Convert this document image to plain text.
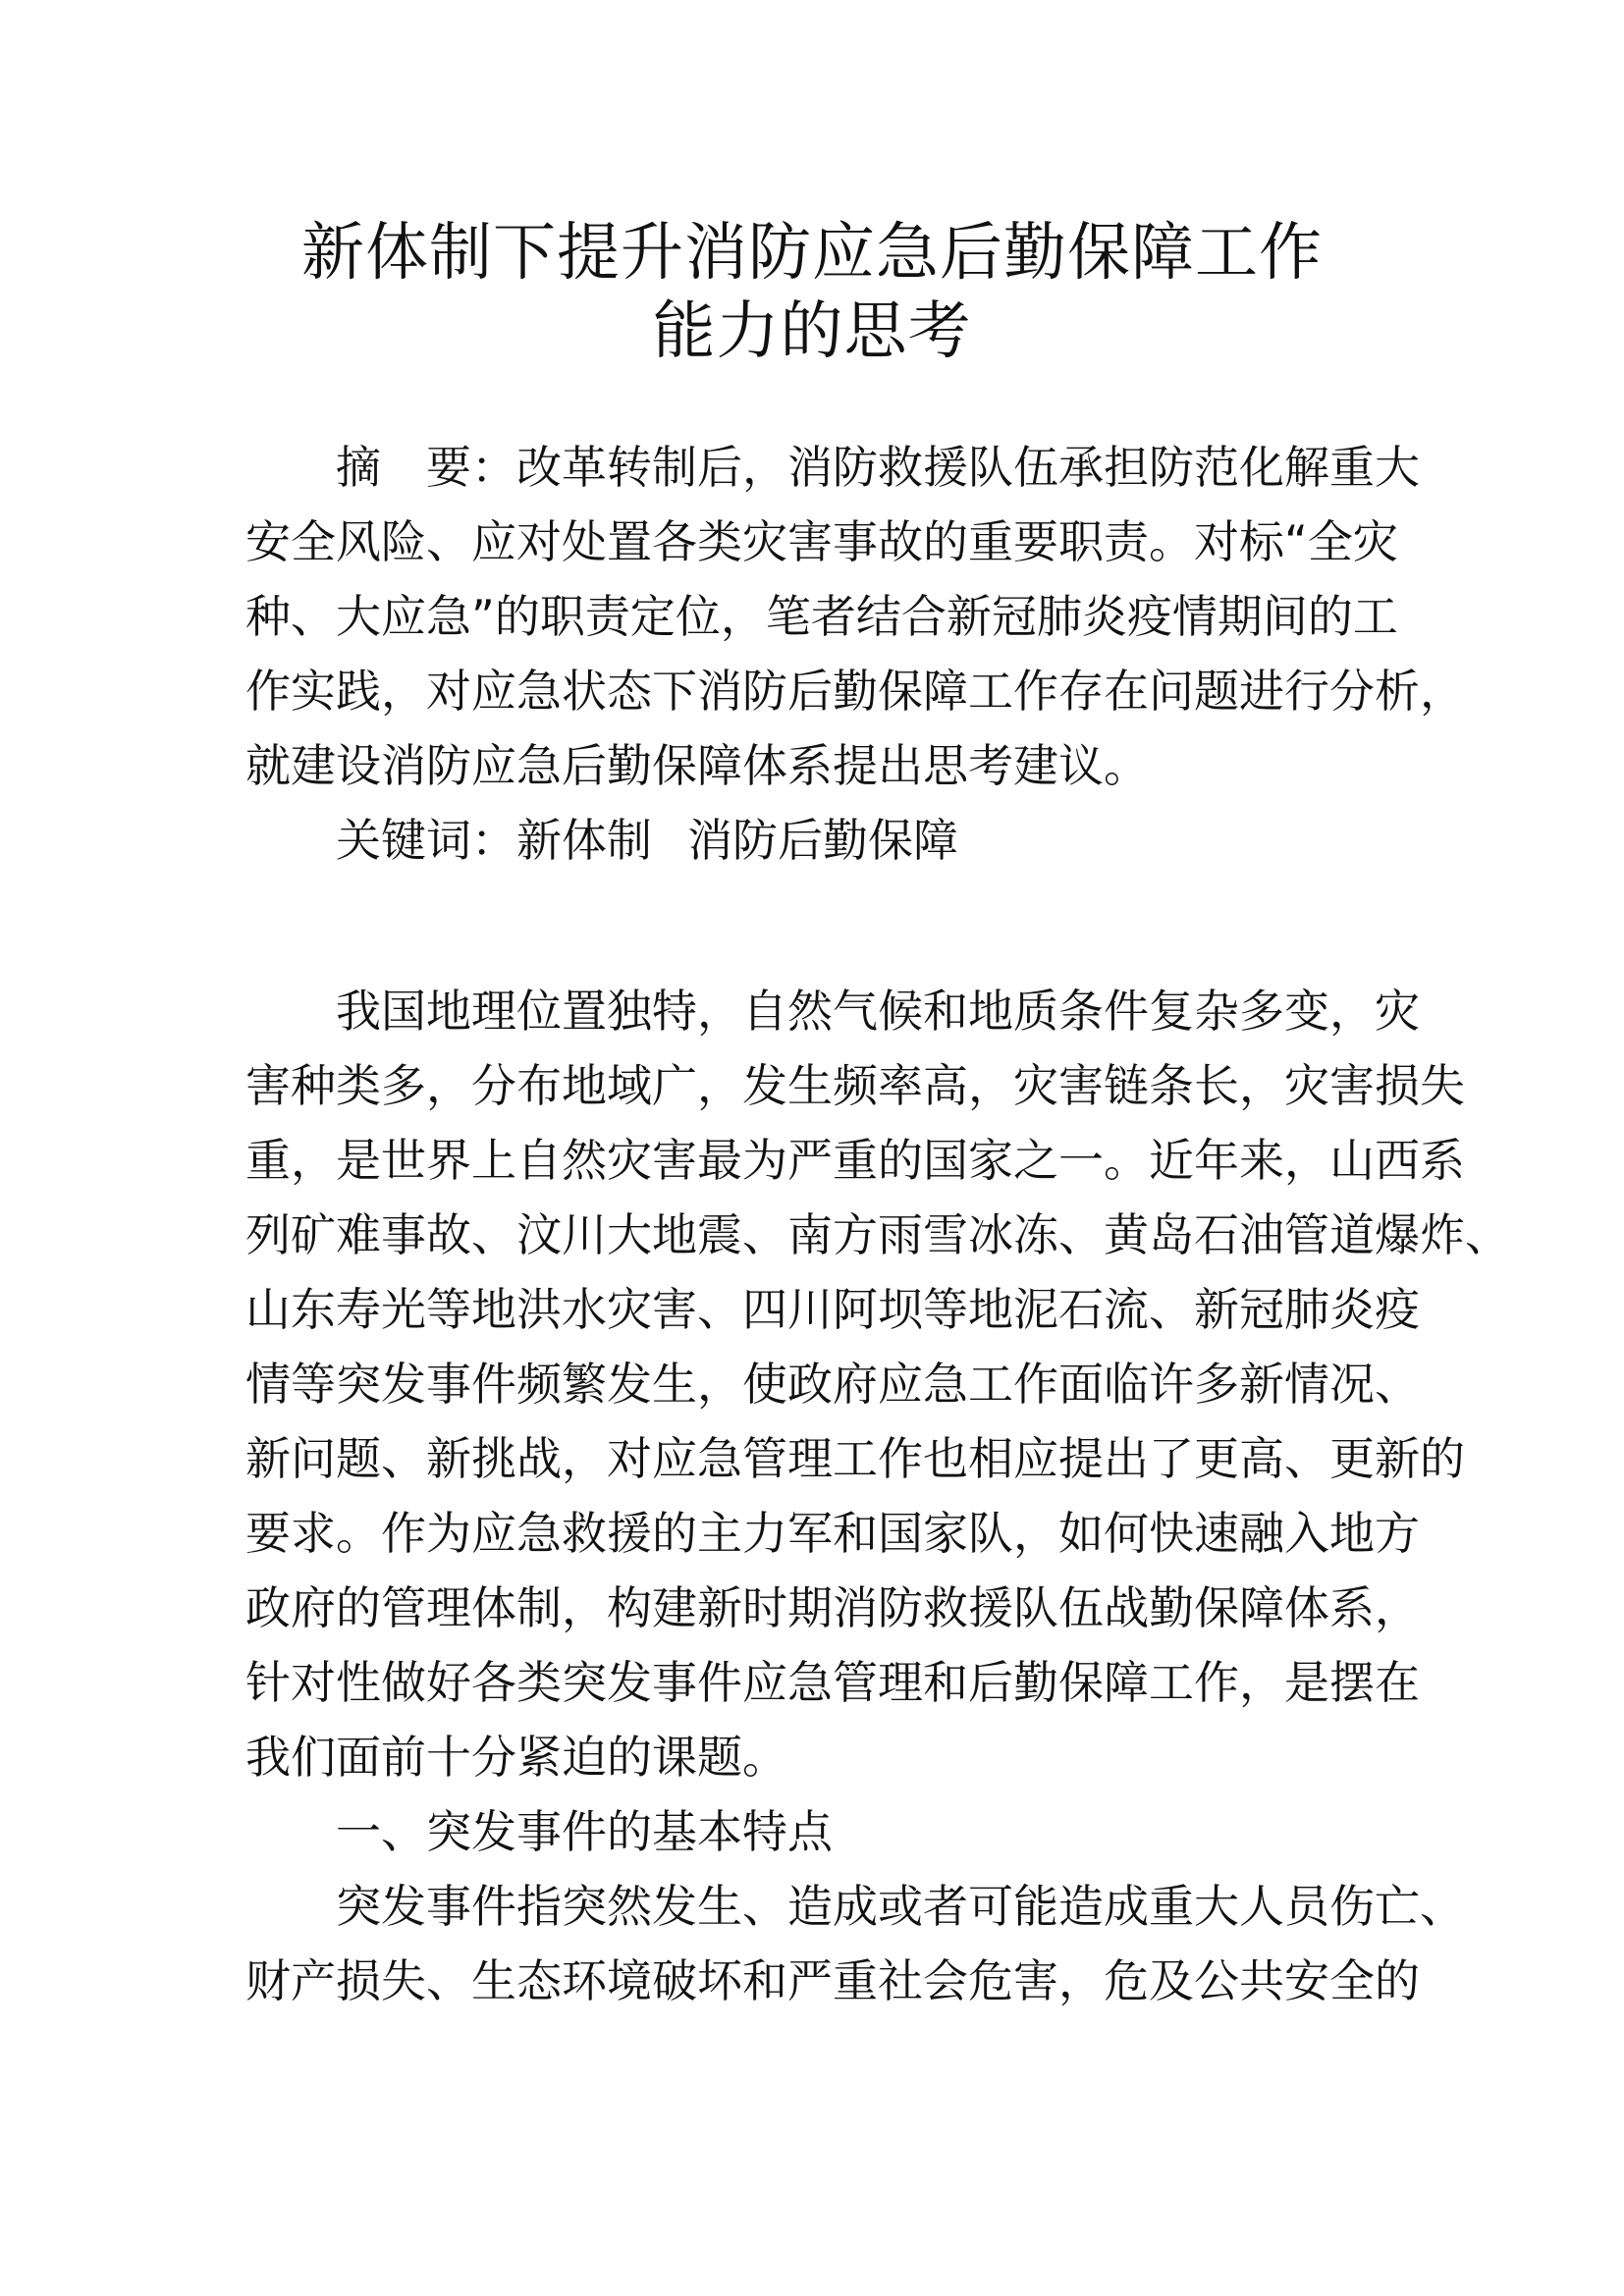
新体制下提升消防应急后勤保障工作
能力的思考
摘　要：改革转制后，消防救援队伍承担防范化解重大
安全风险、应对处置各类灾害事故的重要职责。对标“全灾
种、大应急”的职责定位，笔者结合新冠肺炎疫情期间的工
作实践，对应急状态下消防后勤保障工作存在问题进行分析，
就建设消防应急后勤保障体系提出思考建议。
关键词：新体制 消防后勤保障
我国地理位置独特，自然气候和地质条件复杂多变，灾
害种类多，分布地域广，发生频率高，灾害链条长，灾害损失
重，是世界上自然灾害最为严重的国家之一。近年来，山西系
列矿难事故、汶川大地震、南方雨雪冰冻、黄岛石油管道爆炸、
山东寿光等地洪水灾害、四川阿坝等地泥石流、新冠肺炎疫
情等突发事件频繁发生，使政府应急工作面临许多新情况、
新问题、新挑战，对应急管理工作也相应提出了更高、更新的
要求。作为应急救援的主力军和国家队，如何快速融入地方
政府的管理体制，构建新时期消防救援队伍战勤保障体系，
针对性做好各类突发事件应急管理和后勤保障工作，是摆在
我们面前十分紧迫的课题。
一、突发事件的基本特点
突发事件指突然发生、造成或者可能造成重大人员伤亡、
财产损失、生态环境破坏和严重社会危害，危及公共安全的
